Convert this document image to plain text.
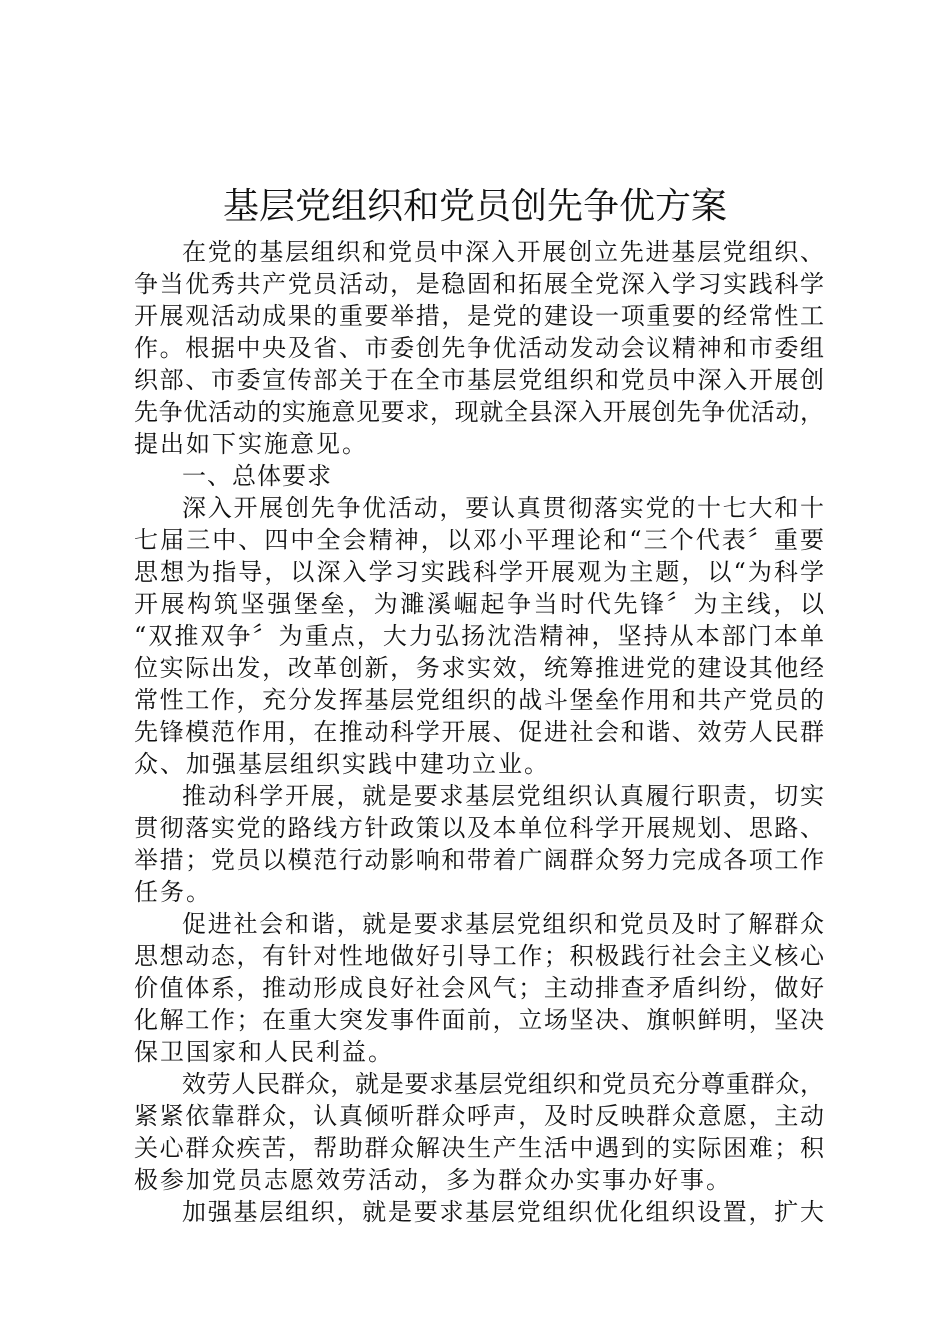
基层党组织和党员创先争优方案
在党的基层组织和党员中深入开展创立先进基层党组织、
争当优秀共产党员活动，是稳固和拓展全党深入学习实践科学
开展观活动成果的重要举措，是党的建设一项重要的经常性工
作。根据中央及省、市委创先争优活动发动会议精神和市委组
织部、市委宣传部关于在全市基层党组织和党员中深入开展创
先争优活动的实施意见要求，现就全县深入开展创先争优活动，
提出如下实施意见。
一、总体要求
深入开展创先争优活动，要认真贯彻落实党的十七大和十
七届三中、四中全会精神，以邓小平理论和“三个代表〞重要
思想为指导，以深入学习实践科学开展观为主题，以“为科学
开展构筑坚强堡垒，为濉溪崛起争当时代先锋〞为主线，以
“双推双争〞为重点，大力弘扬沈浩精神，坚持从本部门本单
位实际出发，改革创新，务求实效，统筹推进党的建设其他经
常性工作，充分发挥基层党组织的战斗堡垒作用和共产党员的
先锋模范作用，在推动科学开展、促进社会和谐、效劳人民群
众、加强基层组织实践中建功立业。
推动科学开展，就是要求基层党组织认真履行职责，切实
贯彻落实党的路线方针政策以及本单位科学开展规划、思路、
举措；党员以模范行动影响和带着广阔群众努力完成各项工作
任务。
促进社会和谐，就是要求基层党组织和党员及时了解群众
思想动态，有针对性地做好引导工作；积极践行社会主义核心
价值体系，推动形成良好社会风气；主动排查矛盾纠纷，做好
化解工作；在重大突发事件面前，立场坚决、旗帜鲜明，坚决
保卫国家和人民利益。
效劳人民群众，就是要求基层党组织和党员充分尊重群众，
紧紧依靠群众，认真倾听群众呼声，及时反映群众意愿，主动
关心群众疾苦，帮助群众解决生产生活中遇到的实际困难；积
极参加党员志愿效劳活动，多为群众办实事办好事。
加强基层组织，就是要求基层党组织优化组织设置，扩大
